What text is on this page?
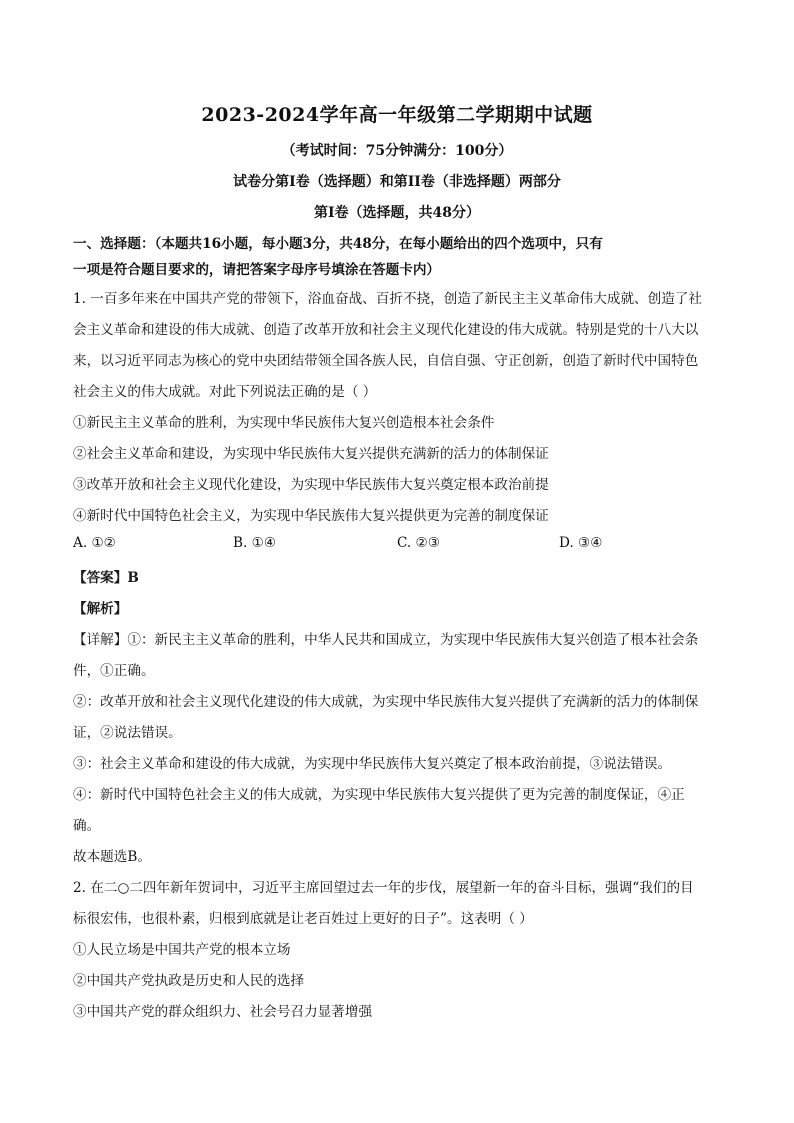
2023-2024学年高一年级第二学期期中试题
（考试时间：75分钟满分：100分）
试卷分第I卷（选择题）和第II卷（非选择题）两部分
第I卷（选择题，共48分）
一、选择题：（本题共16小题，每小题3分，共48分，在每小题给出的四个选项中，只有
一项是符合题目要求的，请把答案字母序号填涂在答题卡内）
1. 一百多年来在中国共产党的带领下，浴血奋战、百折不挠，创造了新民主主义革命伟大成就、创造了社
会主义革命和建设的伟大成就、创造了改革开放和社会主义现代化建设的伟大成就。特别是党的十八大以
来，以习近平同志为核心的党中央团结带领全国各族人民，自信自强、守正创新，创造了新时代中国特色
社会主义的伟大成就。对此下列说法正确的是（ ）
①新民主主义革命的胜利，为实现中华民族伟大复兴创造根本社会条件
②社会主义革命和建设，为实现中华民族伟大复兴提供充满新的活力的体制保证
③改革开放和社会主义现代化建设，为实现中华民族伟大复兴奠定根本政治前提
④新时代中国特色社会主义，为实现中华民族伟大复兴提供更为完善的制度保证
A. ①②	B. ①④	C. ②③	D. ③④
【答案】B
【解析】
【详解】①：新民主主义革命的胜利，中华人民共和国成立，为实现中华民族伟大复兴创造了根本社会条
件，①正确。
②：改革开放和社会主义现代化建设的伟大成就，为实现中华民族伟大复兴提供了充满新的活力的体制保
证，②说法错误。
③：社会主义革命和建设的伟大成就，为实现中华民族伟大复兴奠定了根本政治前提，③说法错误。
④：新时代中国特色社会主义的伟大成就，为实现中华民族伟大复兴提供了更为完善的制度保证，④正
确。
故本题选B。
2. 在二○二四年新年贺词中，习近平主席回望过去一年的步伐，展望新一年的奋斗目标，强调“我们的目
标很宏伟，也很朴素，归根到底就是让老百姓过上更好的日子”。这表明（ ）
①人民立场是中国共产党的根本立场
②中国共产党执政是历史和人民的选择
③中国共产党的群众组织力、社会号召力显著增强
